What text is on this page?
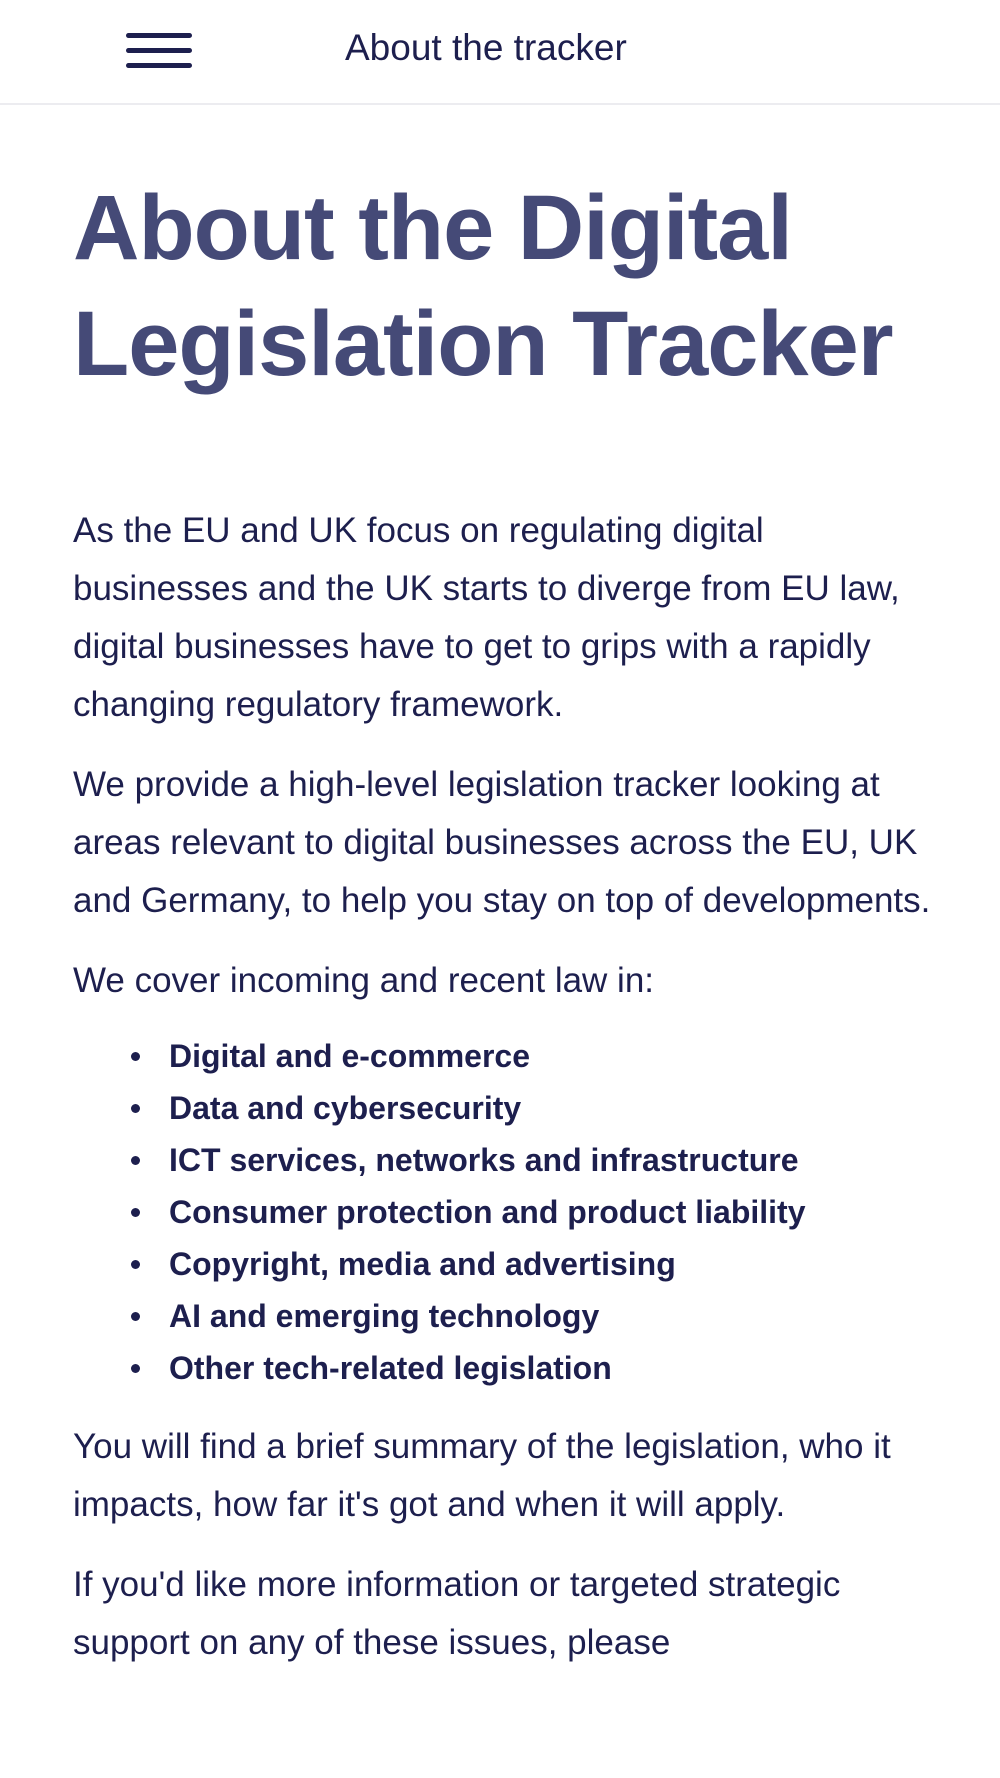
About the tracker
About the Digital Legislation Tracker

As the EU and UK focus on regulating digital businesses and the UK starts to diverge from EU law, digital businesses have to get to grips with a rapidly changing regulatory framework.

We provide a high-level legislation tracker looking at areas relevant to digital businesses across the EU, UK and Germany, to help you stay on top of developments.

We cover incoming and recent law in:

Digital and e-commerce
Data and cybersecurity
ICT services, networks and infrastructure
Consumer protection and product liability
Copyright, media and advertising
AI and emerging technology
Other tech-related legislation

You will find a brief summary of the legislation, who it impacts, how far it's got and when it will apply.

If you'd like more information or targeted strategic support on any of these issues, please
